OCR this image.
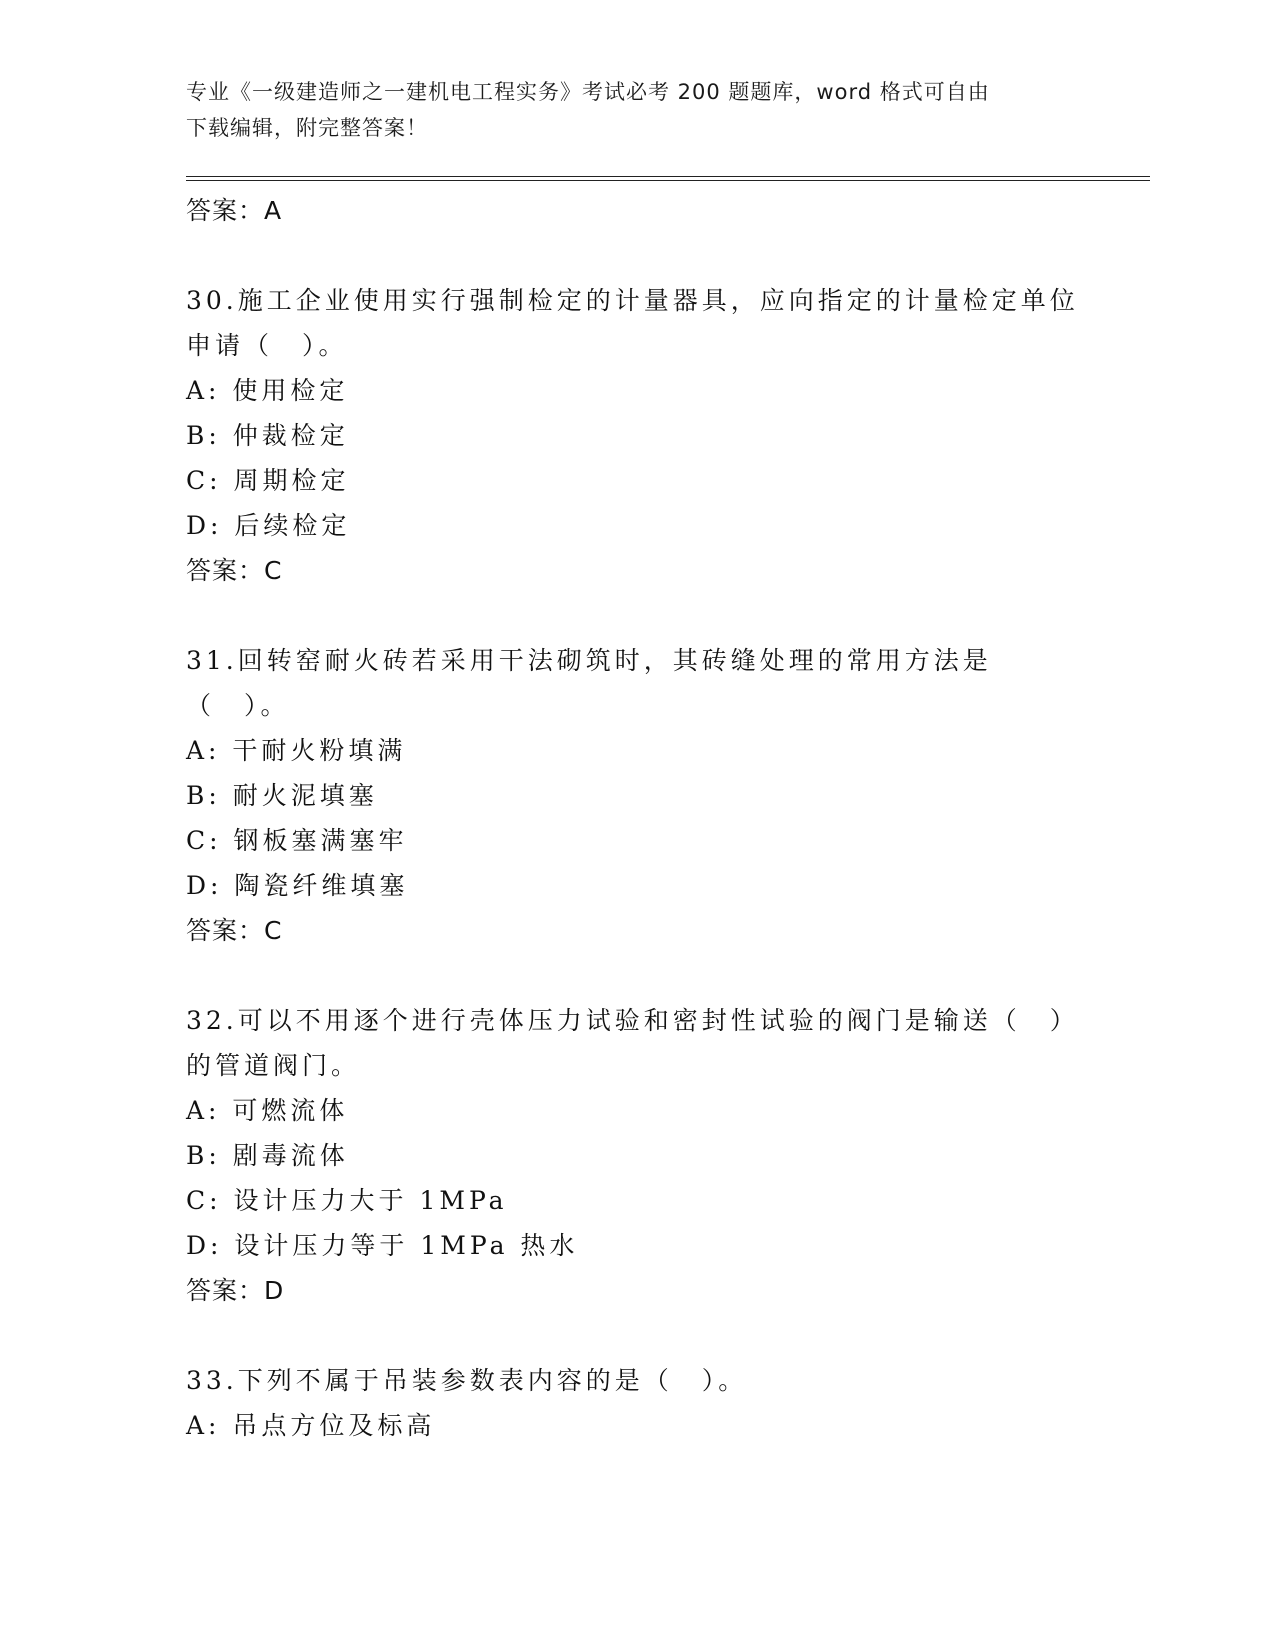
专业《一级建造师之一建机电工程实务》考试必考 200 题题库，word 格式可自由
下载编辑，附完整答案！
答案：A

30.施工企业使用实行强制检定的计量器具，应向指定的计量检定单位申请（　）。

A: 使用检定
B: 仲裁检定
C: 周期检定
D: 后续检定
答案：C

31.回转窑耐火砖若采用干法砌筑时，其砖缝处理的常用方法是（　）。

A: 干耐火粉填满
B: 耐火泥填塞
C: 钢板塞满塞牢
D: 陶瓷纤维填塞
答案：C

32.可以不用逐个进行壳体压力试验和密封性试验的阀门是输送（　）的管道阀门。

A: 可燃流体
B: 剧毒流体
C: 设计压力大于 1MPa
D: 设计压力等于 1MPa 热水
答案：D

33.下列不属于吊装参数表内容的是（　）。

A: 吊点方位及标高
